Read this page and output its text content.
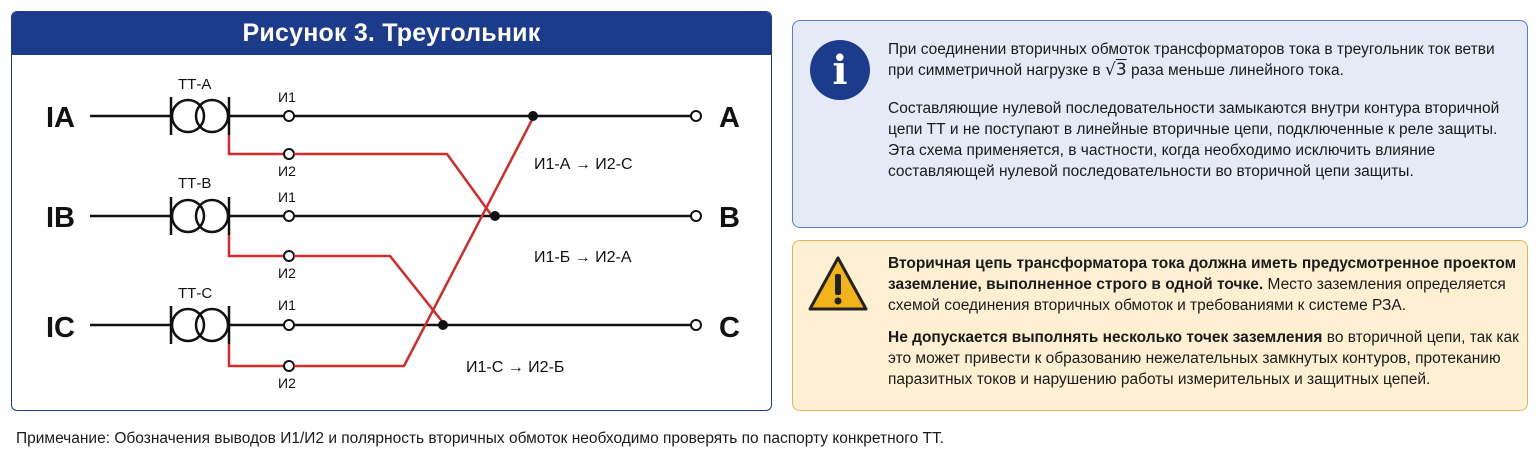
Рисунок 3. Треугольник
IA
ТТ-А
И1
И2
A
IB
ТТ-В
И1
И2
B
IC
ТТ-С
И1
И2
C
И1-А → И2-С
И1-Б → И2-А
И1-С → И2-Б
i	При соединении вторичных обмоток трансформаторов тока в треугольник ток ветви при симметричной нагрузке в √3 раза меньше линейного тока.
Составляющие нулевой последовательности замыкаются внутри контура вторичной цепи ТТ и не поступают в линейные вторичные цепи, подключенные к реле защиты. Эта схема применяется, в частности, когда необходимо исключить влияние составляющей нулевой последовательности во вторичной цепи защиты.
Вторичная цепь трансформатора тока должна иметь предусмотренное проектом заземление, выполненное строго в одной точке. Место заземления определяется схемой соединения вторичных обмоток и требованиями к системе РЗА.
Не допускается выполнять несколько точек заземления во вторичной цепи, так как это может привести к образованию нежелательных замкнутых контуров, протеканию паразитных токов и нарушению работы измерительных и защитных цепей.
Примечание: Обозначения выводов И1/И2 и полярность вторичных обмоток необходимо проверять по паспорту конкретного ТТ.
